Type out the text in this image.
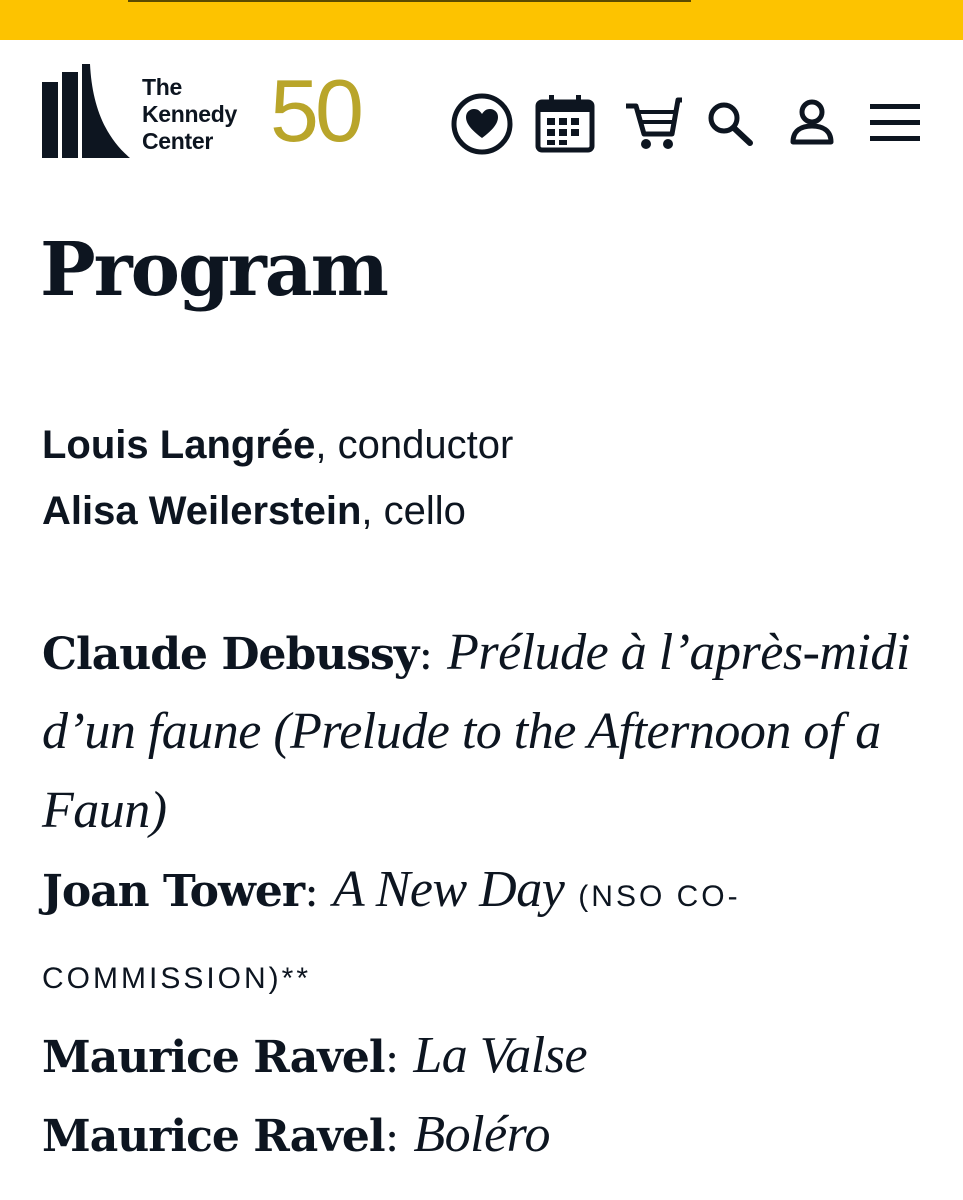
The
Kennedy
Center 50
Program
Louis Langrée, conductor
Alisa Weilerstein, cello
Claude Debussy: Prélude à l’après-midi d’un faune (Prelude to the Afternoon of a Faun)
Joan Tower: A New Day (NSO CO-COMMISSION)**
Maurice Ravel: La Valse
Maurice Ravel: Boléro
